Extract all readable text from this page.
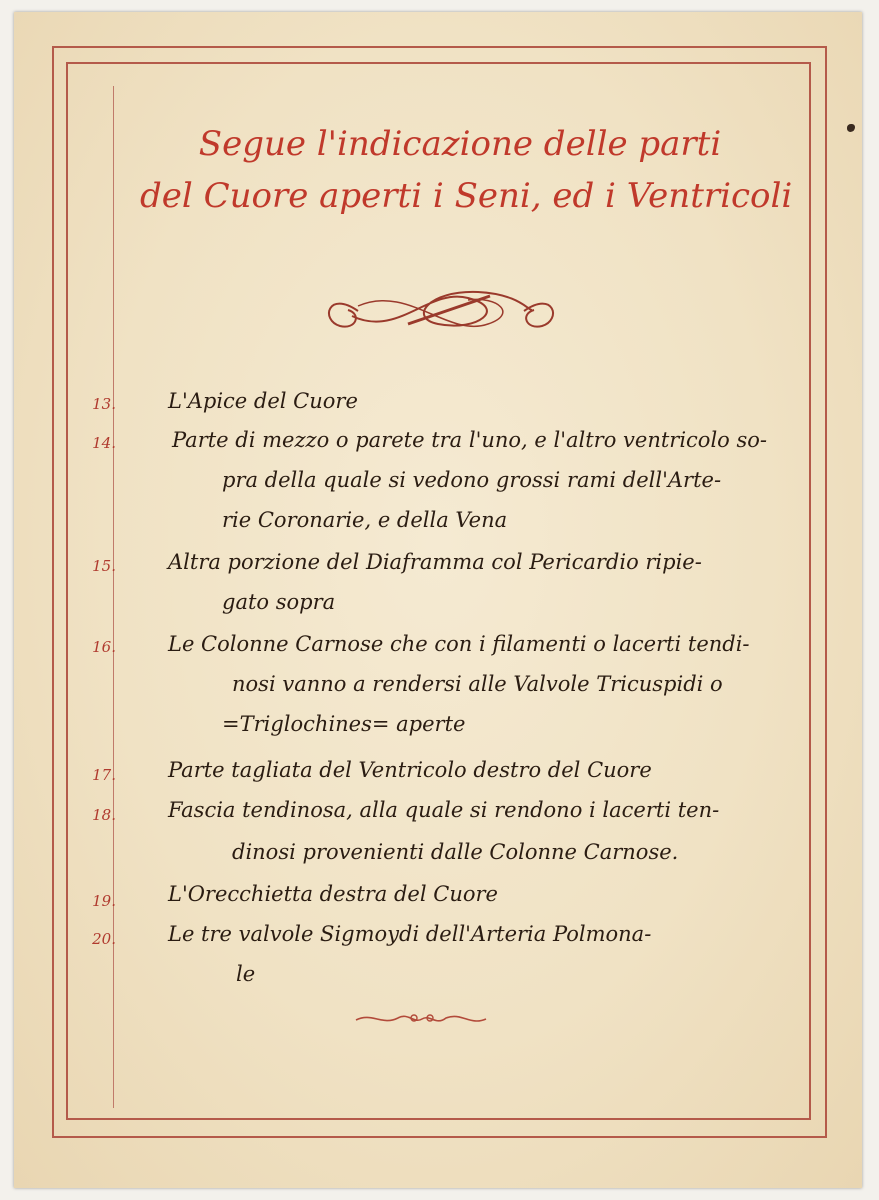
Segue l'indicazione delle parti
del Cuore aperti i Seni, ed i Ventricoli
13. L'Apice del Cuore
14.	Parte di mezzo o parete tra l'uno, e l'altro ventricolo so-
pra della quale si vedono grossi rami dell'Arte-
rie Coronarie, e della Vena
15. Altra porzione del Diaframma col Pericardio ripie-
gato sopra
16. Le Colonne Carnose che con i filamenti o lacerti tendi-
nosi vanno a rendersi alle Valvole Tricuspidi o
=Triglochines= aperte
17. Parte tagliata del Ventricolo destro del Cuore
18. Fascia tendinosa, alla quale si rendono i lacerti ten-
dinosi provenienti dalle Colonne Carnose.
19. L'Orecchietta destra del Cuore
20. Le tre valvole Sigmoydi dell'Arteria Polmona-
le
